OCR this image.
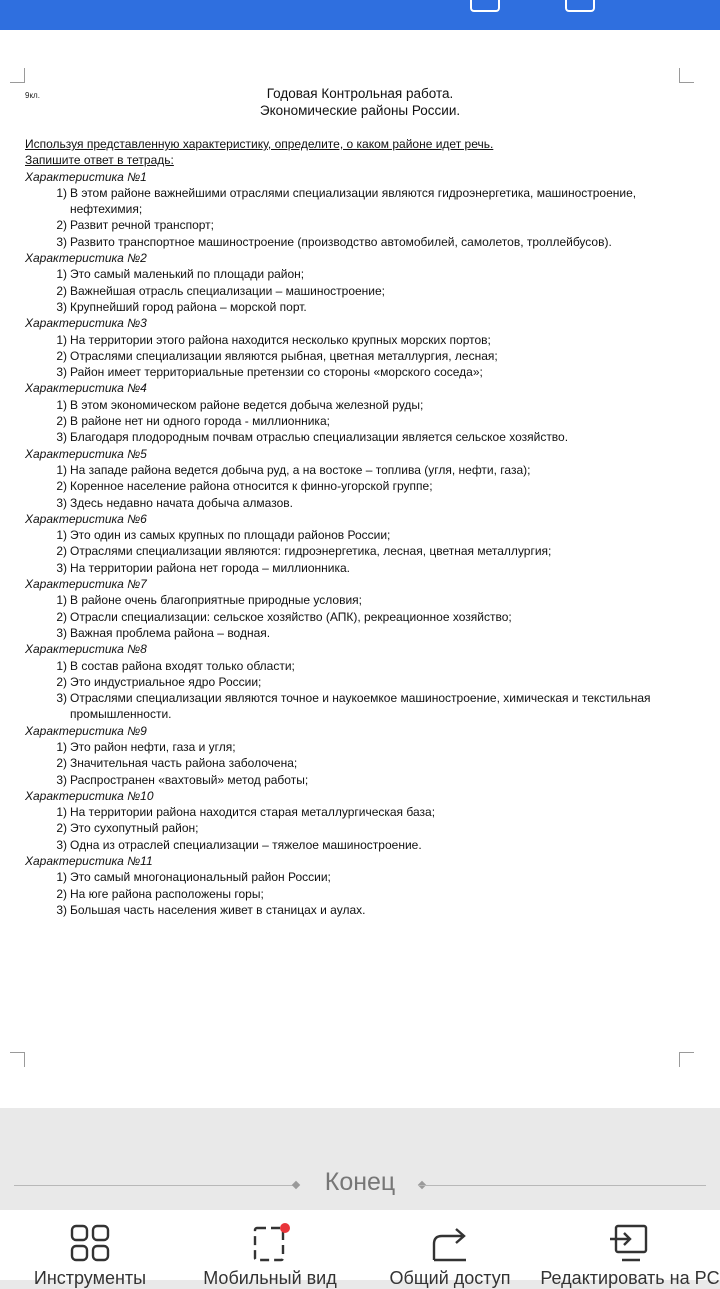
9кл.	Годовая Контрольная работа.
Экономические районы России.
Используя представленную характеристику, определите, о каком районе идет речь.
Запишите ответ в тетрадь:
Характеристика №1
1) В этом районе важнейшими отраслями специализации являются гидроэнергетика, машиностроение, нефтехимия;
2) Развит речной транспорт;
3) Развито транспортное машиностроение (производство автомобилей, самолетов, троллейбусов).
Характеристика №2
1) Это самый маленький по площади район;
2) Важнейшая отрасль специализации – машиностроение;
3) Крупнейший город района – морской порт.
Характеристика №3
1) На территории этого района находится несколько крупных морских портов;
2) Отраслями специализации являются рыбная, цветная металлургия, лесная;
3) Район имеет территориальные претензии со стороны «морского соседа»;
Характеристика №4
1) В этом экономическом районе ведется добыча железной руды;
2) В районе нет ни одного города - миллионника;
3) Благодаря плодородным почвам отраслью специализации является сельское хозяйство.
Характеристика №5
1) На западе района ведется добыча руд, а на востоке – топлива (угля, нефти, газа);
2) Коренное население района относится к финно-угорской группе;
3) Здесь недавно начата добыча алмазов.
Характеристика №6
1) Это один из самых крупных по площади районов России;
2) Отраслями специализации являются: гидроэнергетика, лесная, цветная металлургия;
3) На территории района нет города – миллионника.
Характеристика №7
1) В районе очень благоприятные природные условия;
2) Отрасли специализации: сельское хозяйство (АПК), рекреационное хозяйство;
3) Важная проблема района – водная.
Характеристика №8
1) В состав района входят только области;
2) Это индустриальное ядро России;
3) Отраслями специализации являются точное и наукоемкое машиностроение, химическая и текстильная промышленности.
Характеристика №9
1) Это район нефти, газа и угля;
2) Значительная часть района заболочена;
3) Распространен «вахтовый» метод работы;
Характеристика №10
1) На территории района находится старая металлургическая база;
2) Это сухопутный район;
3) Одна из отраслей специализации – тяжелое машиностроение.
Характеристика №11
1) Это самый многонациональный район России;
2) На юге района расположены горы;
3) Большая часть населения живет в станицах и аулах.
Конец
Инструменты	Мобильный вид	Общий доступ	Редактировать на PC
